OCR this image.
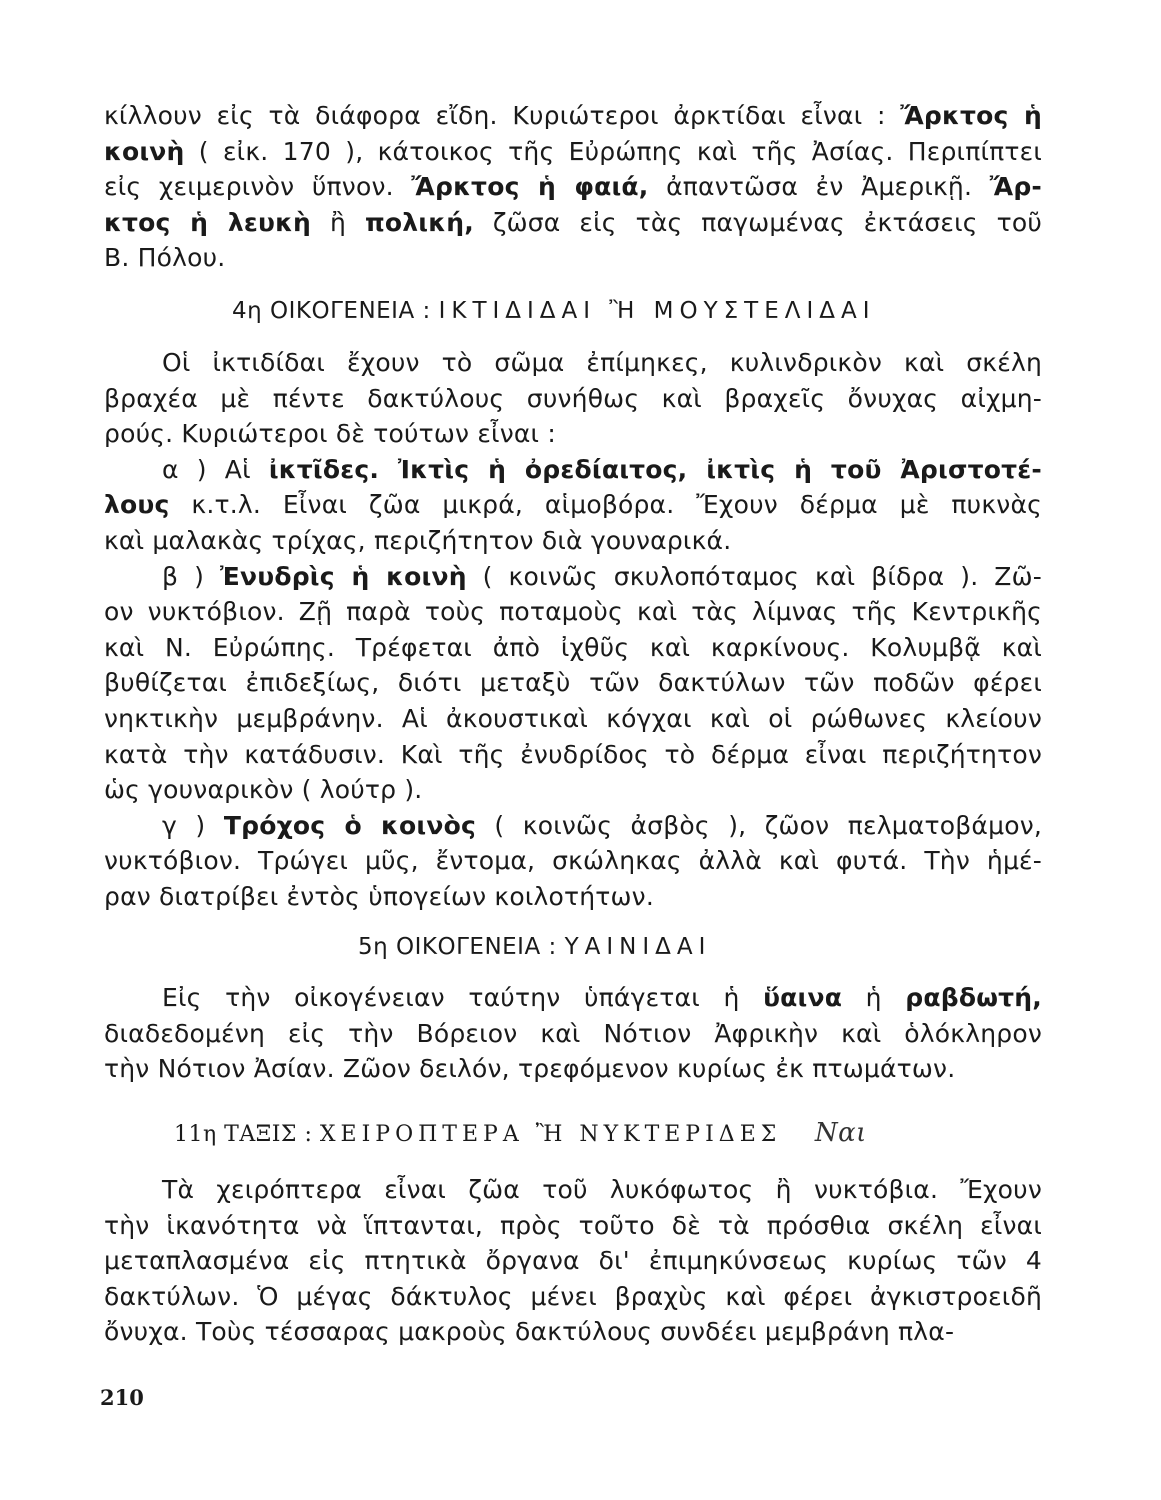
κίλλουν εἰς τὰ διάφορα εἴδη. Κυριώτεροι ἀρκτίδαι εἶναι : Ἄρκτος ἡ
κοινὴ ( εἰκ. 170 ), κάτοικος τῆς Εὐρώπης καὶ τῆς Ἀσίας. Περιπίπτει
εἰς χειμερινὸν ὕπνον. Ἄρκτος ἡ φαιά, ἀπαντῶσα ἐν Ἀμερικῇ. Ἄρ-
κτος ἡ λευκὴ ἢ πολική, ζῶσα εἰς τὰς παγωμένας ἐκτάσεις τοῦ
Β. Πόλου.
4η ΟΙΚΟΓΕΝΕΙΑ : ΙΚΤΙΔΙΔΑΙ Ἢ ΜΟΥΣΤΕΛΙΔΑΙ
Οἱ ἰκτιδίδαι ἔχουν τὸ σῶμα ἐπίμηκες, κυλινδρικὸν καὶ σκέλη
βραχέα μὲ πέντε δακτύλους συνήθως καὶ βραχεῖς ὄνυχας αἰχμη-
ρούς. Κυριώτεροι δὲ τούτων εἶναι :
α ) Αἱ ἰκτῖδες. Ἰκτὶς ἡ ὀρεδίαιτος, ἰκτὶς ἡ τοῦ Ἀριστοτέ-
λους κ.τ.λ. Εἶναι ζῶα μικρά, αἱμοβόρα. Ἔχουν δέρμα μὲ πυκνὰς
καὶ μαλακὰς τρίχας, περιζήτητον διὰ γουναρικά.
β ) Ἐνυδρὶς ἡ κοινὴ ( κοινῶς σκυλοπόταμος καὶ βίδρα ). Ζῶ-
ον νυκτόβιον. Ζῇ παρὰ τοὺς ποταμοὺς καὶ τὰς λίμνας τῆς Κεντρικῆς
καὶ Ν. Εὐρώπης. Τρέφεται ἀπὸ ἰχθῦς καὶ καρκίνους. Κολυμβᾷ καὶ
βυθίζεται ἐπιδεξίως, διότι μεταξὺ τῶν δακτύλων τῶν ποδῶν φέρει
νηκτικὴν μεμβράνην. Αἱ ἀκουστικαὶ κόγχαι καὶ οἱ ρώθωνες κλείουν
κατὰ τὴν κατάδυσιν. Καὶ τῆς ἐνυδρίδος τὸ δέρμα εἶναι περιζήτητον
ὡς γουναρικὸν ( λούτρ ).
γ ) Τρόχος ὁ κοινὸς ( κοινῶς ἀσβὸς ), ζῶον πελματοβάμον,
νυκτόβιον. Τρώγει μῦς, ἔντομα, σκώληκας ἀλλὰ καὶ φυτά. Τὴν ἡμέ-
ραν διατρίβει ἐντὸς ὑπογείων κοιλοτήτων.
5η ΟΙΚΟΓΕΝΕΙΑ : ΥΑΙΝΙΔΑΙ
Εἰς τὴν οἰκογένειαν ταύτην ὑπάγεται ἡ ὕαινα ἡ ραβδωτή,
διαδεδομένη εἰς τὴν Βόρειον καὶ Νότιον Ἀφρικὴν καὶ ὁλόκληρον
τὴν Νότιον Ἀσίαν. Ζῶον δειλόν, τρεφόμενον κυρίως ἐκ πτωμάτων.
11η ΤΑΞΙΣ : ΧΕΙΡΟΠΤΕΡΑ Ἢ ΝΥΚΤΕΡΙΔΕΣ Ναι
Τὰ χειρόπτερα εἶναι ζῶα τοῦ λυκόφωτος ἢ νυκτόβια. Ἔχουν
τὴν ἱκανότητα νὰ ἵπτανται, πρὸς τοῦτο δὲ τὰ πρόσθια σκέλη εἶναι
μεταπλασμένα εἰς πτητικὰ ὄργανα δι' ἐπιμηκύνσεως κυρίως τῶν 4
δακτύλων. Ὁ μέγας δάκτυλος μένει βραχὺς καὶ φέρει ἀγκιστροειδῆ
ὄνυχα. Τοὺς τέσσαρας μακροὺς δακτύλους συνδέει μεμβράνη πλα-
210
